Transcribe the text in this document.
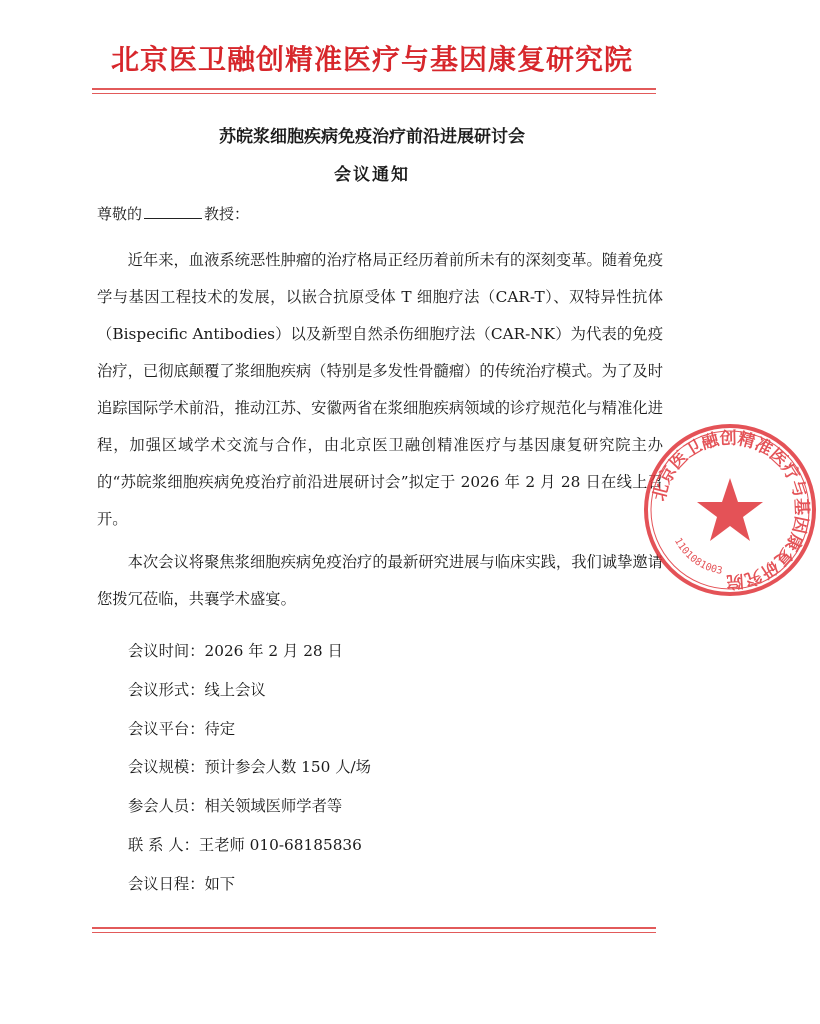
北京医卫融创精准医疗与基因康复研究院
苏皖浆细胞疾病免疫治疗前沿进展研讨会
会议通知
尊敬的	教授：

近年来，血液系统恶性肿瘤的治疗格局正经历着前所未有的深刻变革。随着免疫学与基因工程技术的发展，以嵌合抗原受体 T 细胞疗法（CAR-T）、双特异性抗体（Bispecific Antibodies）以及新型自然杀伤细胞疗法（CAR-NK）为代表的免疫治疗，已彻底颠覆了浆细胞疾病（特别是多发性骨髓瘤）的传统治疗模式。为了及时追踪国际学术前沿，推动江苏、安徽两省在浆细胞疾病领域的诊疗规范化与精准化进程，加强区域学术交流与合作，由北京医卫融创精准医疗与基因康复研究院主办的“苏皖浆细胞疾病免疫治疗前沿进展研讨会”拟定于 2026 年 2 月 28 日在线上召开。

本次会议将聚焦浆细胞疾病免疫治疗的最新研究进展与临床实践，我们诚挚邀请您拨冗莅临，共襄学术盛宴。

会议时间：2026 年 2 月 28 日
会议形式：线上会议
会议平台：待定
会议规模：预计参会人数 150 人/场
参会人员：相关领域医师学者等
联 系 人：王老师 010-68185836
会议日程：如下
北京医卫融创精准医疗与基因康复研究院
1101081003
